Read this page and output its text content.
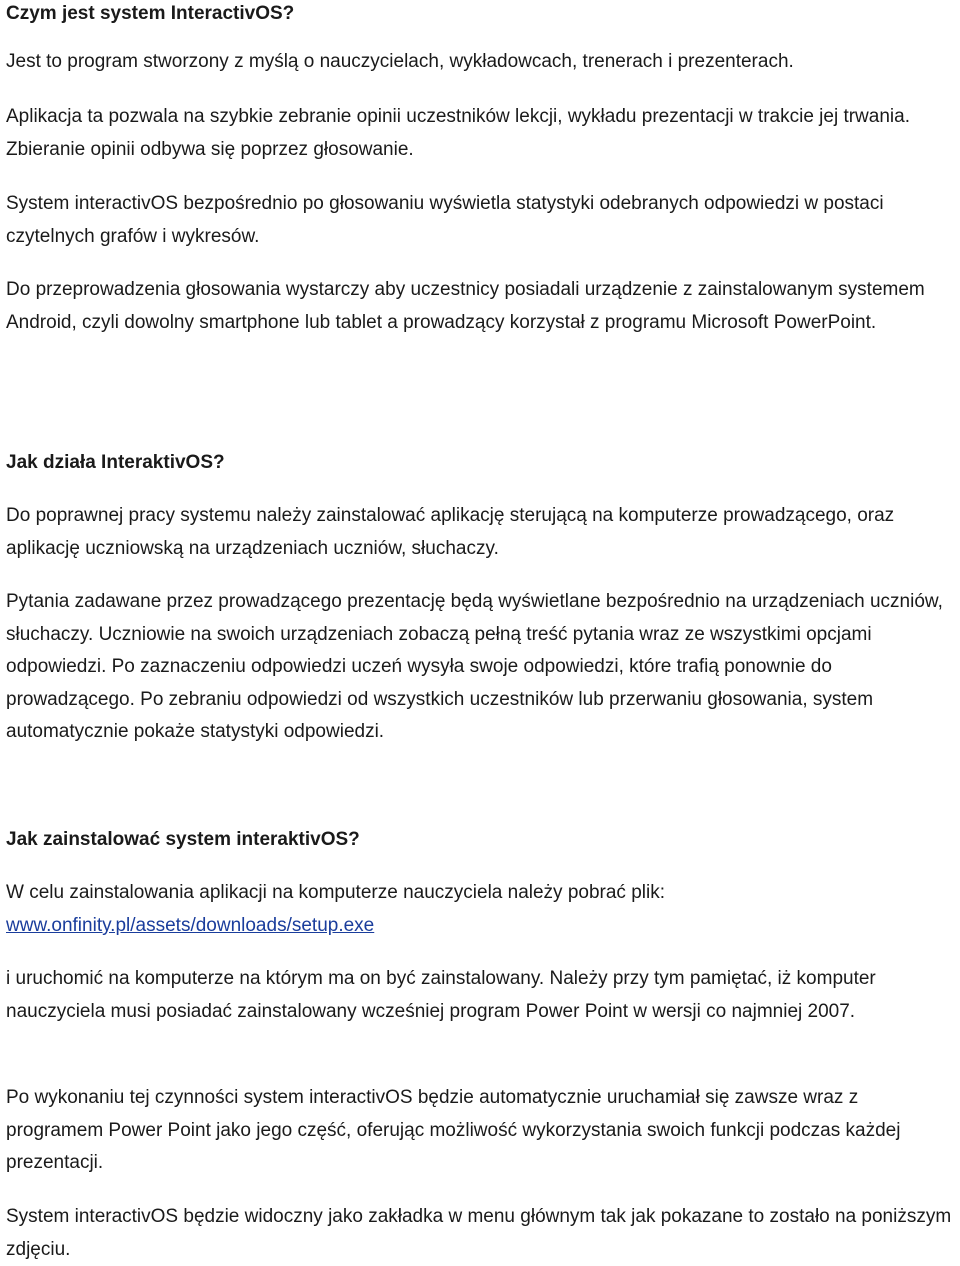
Czym jest system InteractivOS?

Jest to program stworzony z myślą o nauczycielach, wykładowcach, trenerach i prezenterach.

Aplikacja ta pozwala na szybkie zebranie opinii uczestników lekcji, wykładu prezentacji w trakcie jej trwania. Zbieranie opinii odbywa się poprzez głosowanie.

System interactivOS bezpośrednio po głosowaniu wyświetla statystyki odebranych odpowiedzi w postaci czytelnych grafów i wykresów.

Do przeprowadzenia głosowania wystarczy aby uczestnicy posiadali urządzenie z zainstalowanym systemem Android, czyli dowolny smartphone lub tablet a prowadzący korzystał z programu Microsoft PowerPoint.

Jak działa InteraktivOS?

Do poprawnej pracy systemu należy zainstalować aplikację sterującą na komputerze prowadzącego, oraz aplikację uczniowską na urządzeniach uczniów, słuchaczy.

Pytania zadawane przez prowadzącego prezentację będą wyświetlane bezpośrednio na urządzeniach uczniów, słuchaczy. Uczniowie na swoich urządzeniach zobaczą pełną treść pytania wraz ze wszystkimi opcjami odpowiedzi. Po zaznaczeniu odpowiedzi uczeń wysyła swoje odpowiedzi, które trafią ponownie do prowadzącego. Po zebraniu odpowiedzi od wszystkich uczestników lub przerwaniu głosowania, system automatycznie pokaże statystyki odpowiedzi.

Jak zainstalować system interaktivOS?

W celu zainstalowania aplikacji na komputerze nauczyciela należy pobrać plik:

www.onfinity.pl/assets/downloads/setup.exe

i uruchomić na komputerze na którym ma on być zainstalowany. Należy przy tym pamiętać, iż komputer nauczyciela musi posiadać zainstalowany wcześniej program Power Point w wersji co najmniej 2007.

Po wykonaniu tej czynności system interactivOS będzie automatycznie uruchamiał się zawsze wraz z programem Power Point jako jego część, oferując możliwość wykorzystania swoich funkcji podczas każdej prezentacji.

System interactivOS będzie widoczny jako zakładka w menu głównym tak jak pokazane to zostało na poniższym zdjęciu.
